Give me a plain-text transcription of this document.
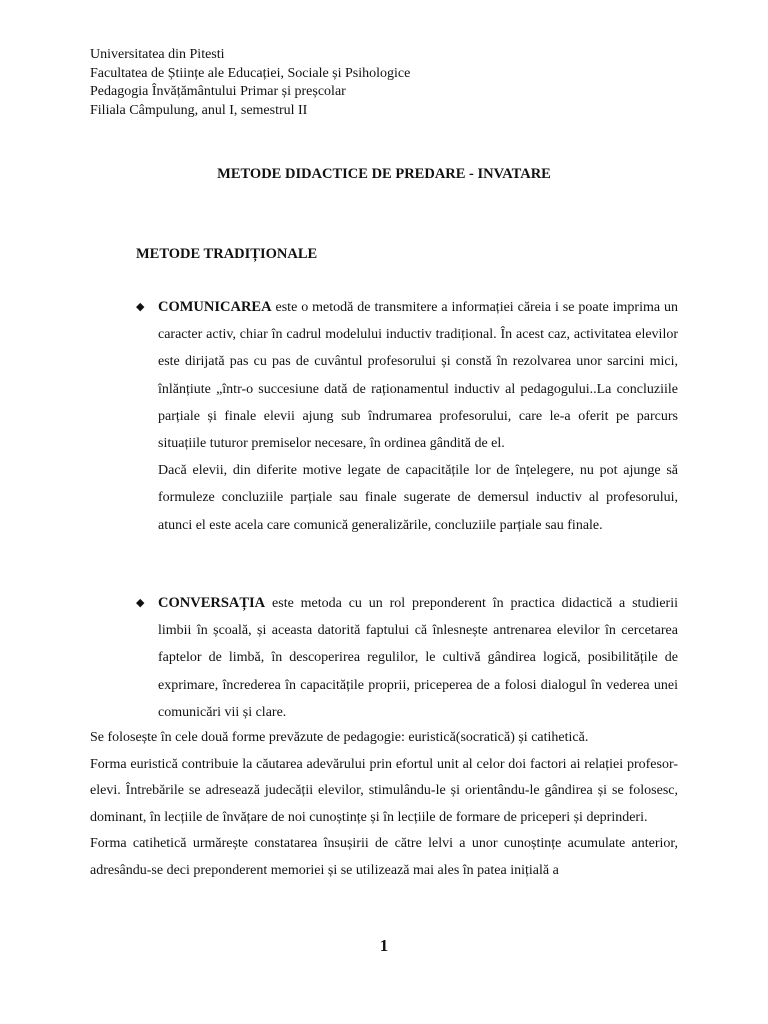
Universitatea din Pitesti
Facultatea de Științe ale Educației, Sociale și Psihologice
Pedagogia Învățământului Primar și preșcolar
Filiala Câmpulung, anul I, semestrul II
METODE DIDACTICE DE PREDARE - INVATARE
METODE TRADIȚIONALE
◆ COMUNICAREA este o metodă de transmitere a informației căreia i se poate imprima un caracter activ, chiar în cadrul modelului inductiv tradițional. În acest caz, activitatea elevilor este dirijată pas cu pas de cuvântul profesorului și constă în rezolvarea unor sarcini mici, înlănțiute „într-o succesiune dată de raționamentul inductiv al pedagogului..La concluziile parțiale și finale elevii ajung sub îndrumarea profesorului, care le-a oferit pe parcurs situațiile tuturor premiselor necesare, în ordinea gândită de el.

Dacă elevii, din diferite motive legate de capacitățile lor de înțelegere, nu pot ajunge să formuleze concluziile parțiale sau finale sugerate de demersul inductiv al profesorului, atunci el este acela care comunică generalizările, concluziile parțiale sau finale.

◆ CONVERSAȚIA este metoda cu un rol preponderent în practica didactică a studierii limbii în școală, și aceasta datorită faptului că înlesnește antrenarea elevilor în cercetarea faptelor de limbă, în descoperirea regulilor, le cultivă gândirea logică, posibilitățile de exprimare, încrederea în capacitățile proprii, priceperea de a folosi dialogul în vederea unei comunicări vii și clare.

Se folosește în cele două forme prevăzute de pedagogie: euristică(socratică) și catihetică.

Forma euristică contribuie la căutarea adevărului prin efortul unit al celor doi factori ai relației profesor-elevi. Întrebările se adresează judecății elevilor, stimulându-le și orientându-le gândirea și se folosesc, dominant, în lecțiile de învățare de noi cunoștințe și în lecțiile de formare de priceperi și deprinderi.

Forma catihetică urmărește constatarea însușirii de către lelvi a unor cunoștințe acumulate anterior, adresându-se deci preponderent memoriei și se utilizează mai ales în patea inițială a

1
